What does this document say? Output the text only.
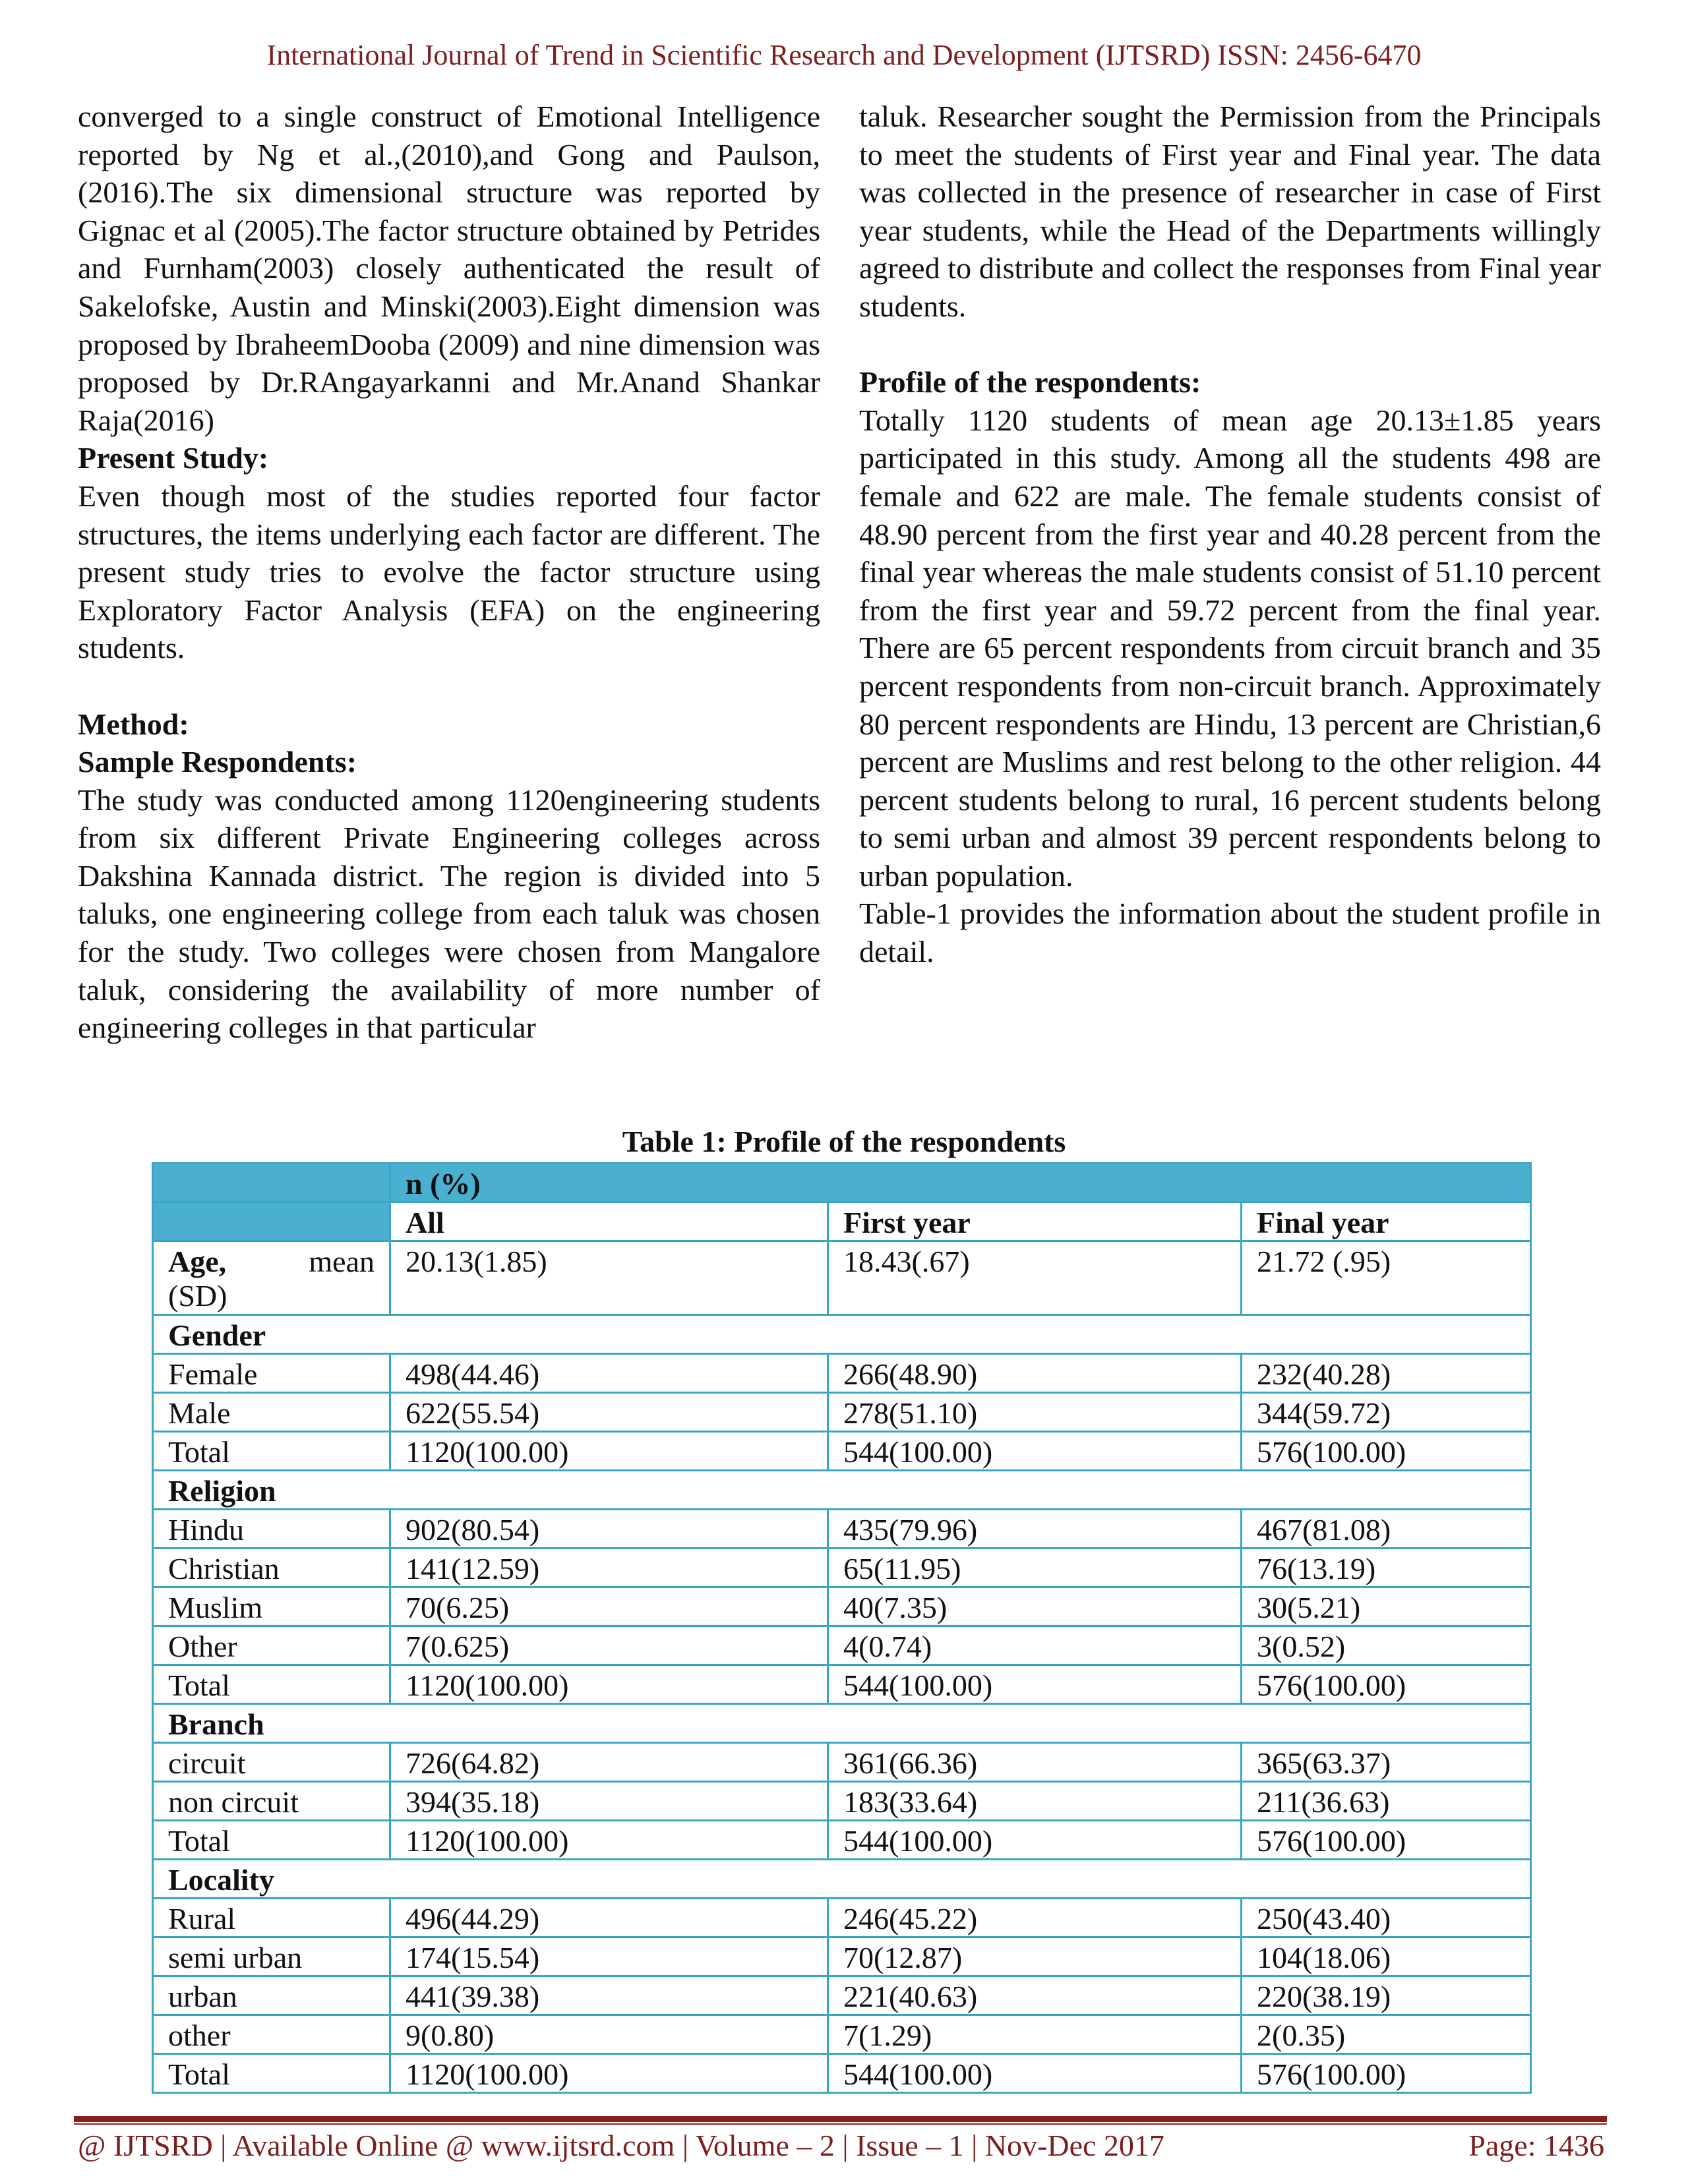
International Journal of Trend in Scientific Research and Development (IJTSRD) ISSN: 2456-6470

converged to a single construct of Emotional Intelligence reported by Ng et al.,(2010),and Gong and Paulson,(2016).The six dimensional structure was reported by Gignac et al (2005).The factor structure obtained by Petrides and Furnham(2003) closely authenticated the result of Sakelofske, Austin and Minski(2003).Eight dimension was proposed by IbraheemDooba (2009) and nine dimension was proposed by Dr.RAngayarkanni and Mr.Anand Shankar Raja(2016)

Present Study:

Even though most of the studies reported four factor structures, the items underlying each factor are different. The present study tries to evolve the factor structure using Exploratory Factor Analysis (EFA) on the engineering students.

Method:

Sample Respondents:

The study was conducted among 1120engineering students from six different Private Engineering colleges across Dakshina Kannada district. The region is divided into 5 taluks, one engineering college from each taluk was chosen for the study. Two colleges were chosen from Mangalore taluk, considering the availability of more number of engineering colleges in that particular

taluk. Researcher sought the Permission from the Principals to meet the students of First year and Final year. The data was collected in the presence of researcher in case of First year students, while the Head of the Departments willingly agreed to distribute and collect the responses from Final year students.

Profile of the respondents:

Totally 1120 students of mean age 20.13±1.85 years participated in this study. Among all the students 498 are female and 622 are male. The female students consist of 48.90 percent from the first year and 40.28 percent from the final year whereas the male students consist of 51.10 percent from the first year and 59.72 percent from the final year. There are 65 percent respondents from circuit branch and 35 percent respondents from non-circuit branch. Approximately 80 percent respondents are Hindu, 13 percent are Christian,6 percent are Muslims and rest belong to the other religion. 44 percent students belong to rural, 16 percent students belong to semi urban and almost 39 percent respondents belong to urban population.

Table-1 provides the information about the student profile in detail.

Table 1: Profile of the respondents
	n (%)		
	All	First year	Final year

Age, mean
(SD)	20.13(1.85)	18.43(.67)	21.72 (.95)
Gender			
Female	498(44.46)	266(48.90)	232(40.28)
Male	622(55.54)	278(51.10)	344(59.72)
Total	1120(100.00)	544(100.00)	576(100.00)
Religion			
Hindu	902(80.54)	435(79.96)	467(81.08)
Christian	141(12.59)	65(11.95)	76(13.19)
Muslim	70(6.25)	40(7.35)	30(5.21)
Other	7(0.625)	4(0.74)	3(0.52)
Total	1120(100.00)	544(100.00)	576(100.00)
Branch			
circuit	726(64.82)	361(66.36)	365(63.37)
non circuit	394(35.18)	183(33.64)	211(36.63)
Total	1120(100.00)	544(100.00)	576(100.00)
Locality			
Rural	496(44.29)	246(45.22)	250(43.40)
semi urban	174(15.54)	70(12.87)	104(18.06)
urban	441(39.38)	221(40.63)	220(38.19)
other	9(0.80)	7(1.29)	2(0.35)
Total	1120(100.00)	544(100.00)	576(100.00)
@ IJTSRD | Available Online @ www.ijtsrd.com | Volume – 2 | Issue – 1 | Nov-Dec 2017	Page: 1436
